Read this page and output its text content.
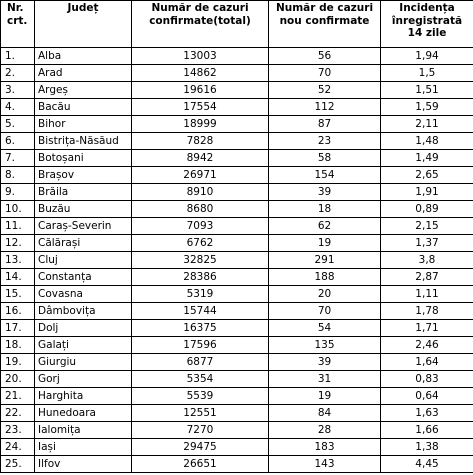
Nr. crt.	Județ	Număr de cazuri confirmate(total)	Număr de cazuri nou confirmate	Incidența înregistrată 14 zile
1.	Alba	13003	56	1,94
2.	Arad	14862	70	1,5
3.	Argeș	19616	52	1,51
4.	Bacău	17554	112	1,59
5.	Bihor	18999	87	2,11
6.	Bistrița-Năsăud	7828	23	1,48
7.	Botoșani	8942	58	1,49
8.	Brașov	26971	154	2,65
9.	Brăila	8910	39	1,91
10.	Buzău	8680	18	0,89
11.	Caraș-Severin	7093	62	2,15
12.	Călărași	6762	19	1,37
13.	Cluj	32825	291	3,8
14.	Constanța	28386	188	2,87
15.	Covasna	5319	20	1,11
16.	Dâmbovița	15744	70	1,78
17.	Dolj	16375	54	1,71
18.	Galați	17596	135	2,46
19.	Giurgiu	6877	39	1,64
20.	Gorj	5354	31	0,83
21.	Harghita	5539	19	0,64
22.	Hunedoara	12551	84	1,63
23.	Ialomița	7270	28	1,66
24.	Iași	29475	183	1,38
25.	Ilfov	26651	143	4,45
